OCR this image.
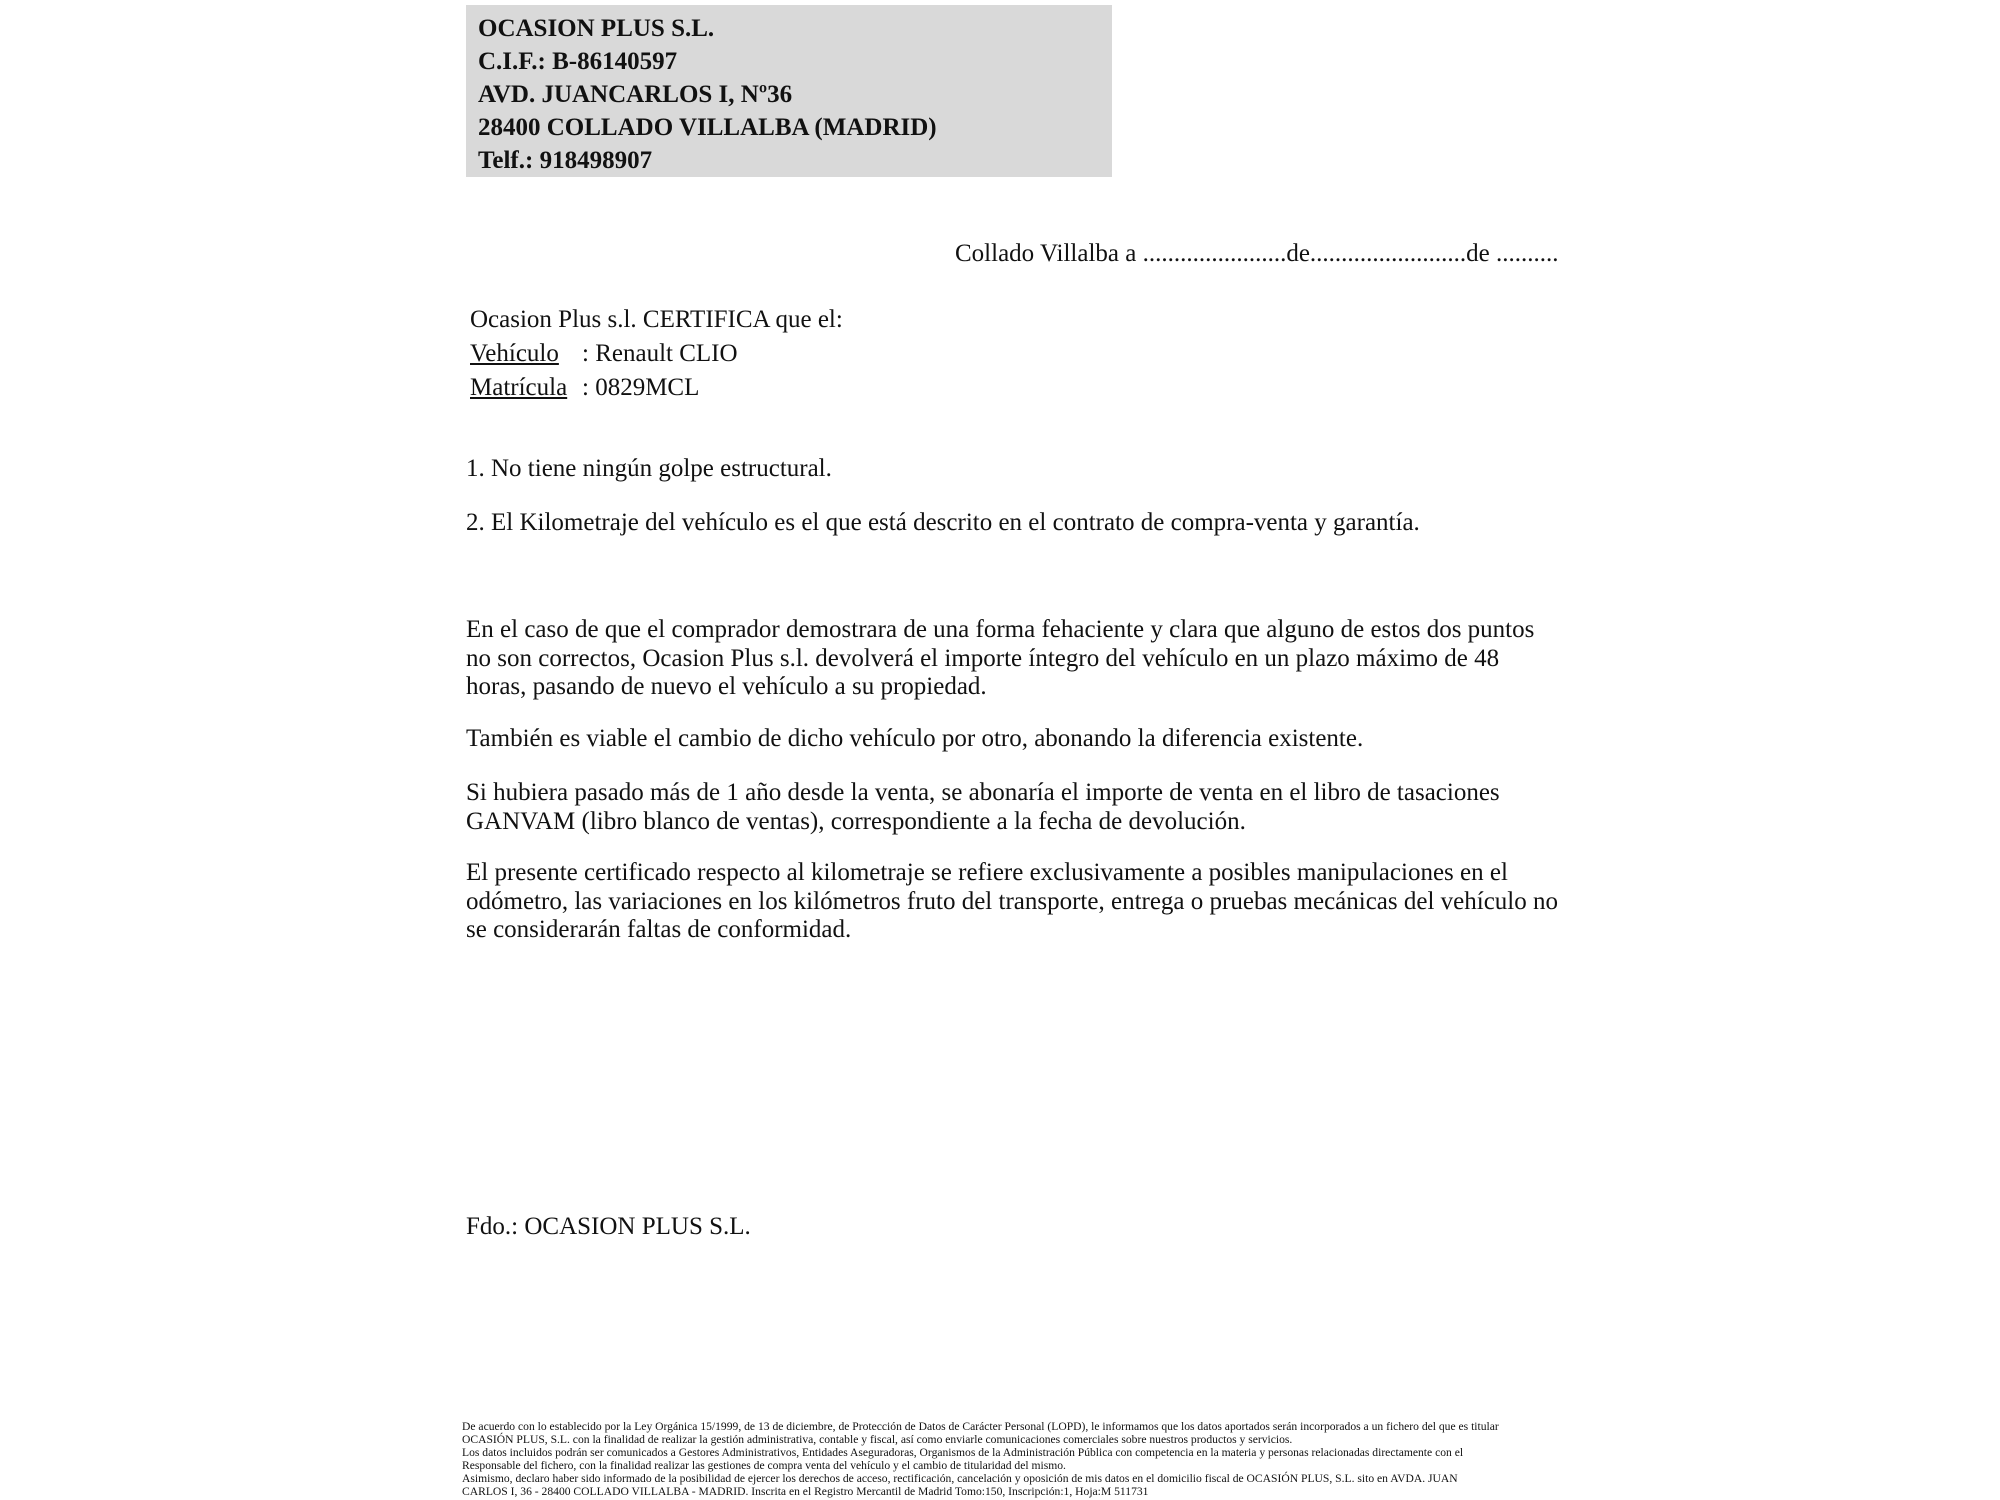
OCASION PLUS S.L.
C.I.F.: B-86140597
AVD. JUANCARLOS I, Nº36
28400 COLLADO VILLALBA (MADRID)
Telf.: 918498907
Collado Villalba a .......................de.........................de ..........
Ocasion Plus s.l. CERTIFICA que el:
Vehículo : Renault CLIO
Matrícula : 0829MCL
1. No tiene ningún golpe estructural.
2. El Kilometraje del vehículo es el que está descrito en el contrato de compra-venta y garantía.
En el caso de que el comprador demostrara de una forma fehaciente y clara que alguno de estos dos puntos no son correctos, Ocasion Plus s.l. devolverá el importe íntegro del vehículo en un plazo máximo de 48 horas, pasando de nuevo el vehículo a su propiedad.
También es viable el cambio de dicho vehículo por otro, abonando la diferencia existente.
Si hubiera pasado más de 1 año desde la venta, se abonaría el importe de venta en el libro de tasaciones GANVAM (libro blanco de ventas), correspondiente a la fecha de devolución.
El presente certificado respecto al kilometraje se refiere exclusivamente a posibles manipulaciones en el odómetro, las variaciones en los kilómetros fruto del transporte, entrega o pruebas mecánicas del vehículo no se considerarán faltas de conformidad.
Fdo.: OCASION PLUS S.L.
De acuerdo con lo establecido por la Ley Orgánica 15/1999, de 13 de diciembre, de Protección de Datos de Carácter Personal (LOPD), le informamos que los datos aportados serán incorporados a un fichero del que es titular
OCASIÓN PLUS, S.L. con la finalidad de realizar la gestión administrativa, contable y fiscal, así como enviarle comunicaciones comerciales sobre nuestros productos y servicios.
Los datos incluidos podrán ser comunicados a Gestores Administrativos, Entidades Aseguradoras, Organismos de la Administración Pública con competencia en la materia y personas relacionadas directamente con el
Responsable del fichero, con la finalidad realizar las gestiones de compra venta del vehículo y el cambio de titularidad del mismo.
Asimismo, declaro haber sido informado de la posibilidad de ejercer los derechos de acceso, rectificación, cancelación y oposición de mis datos en el domicilio fiscal de OCASIÓN PLUS, S.L. sito en AVDA. JUAN
CARLOS I, 36 - 28400 COLLADO VILLALBA - MADRID. Inscrita en el Registro Mercantil de Madrid Tomo:150, Inscripción:1, Hoja:M 511731
